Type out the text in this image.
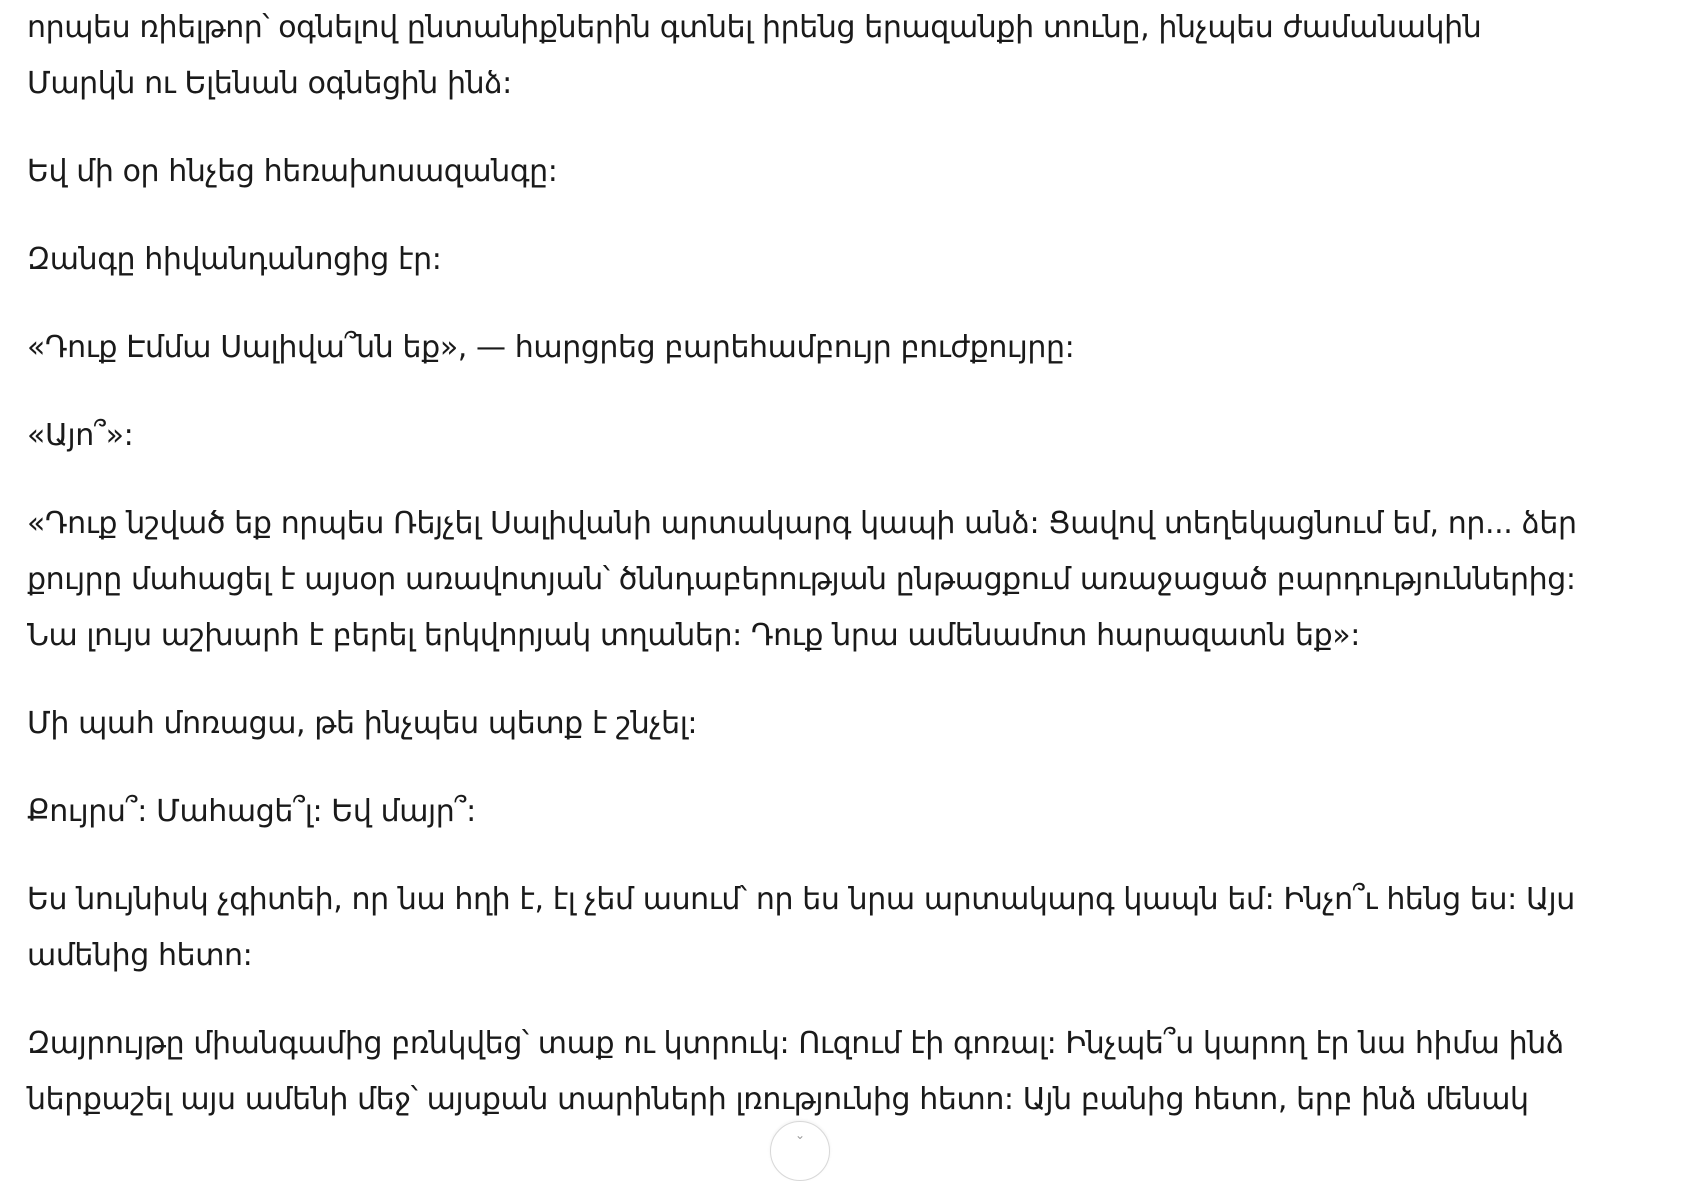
որպես ռիելթոր՝ օգնելով ընտանիքներին գտնել իրենց երազանքի տունը, ինչպես ժամանակին Մարկն ու Ելենան օգնեցին ինձ:

Եվ մի օր հնչեց հեռախոսազանգը:

Զանգը հիվանդանոցից էր:

«Դուք Էմմա Սալիվա՞նն եք», — հարցրեց բարեհամբույր բուժքույրը:

«Այո՞»:

«Դուք նշված եք որպես Ռեյչել Սալիվանի արտակարգ կապի անձ: Ցավով տեղեկացնում եմ, որ... ձեր քույրը մահացել է այսօր առավոտյան՝ ծննդաբերության ընթացքում առաջացած բարդություններից: Նա լույս աշխարհ է բերել երկվորյակ տղաներ: Դուք նրա ամենամոտ հարազատն եք»:

Մի պահ մոռացա, թե ինչպես պետք է շնչել:

Քույրս՞: Մահացե՞լ: Եվ մայր՞:

Ես նույնիսկ չգիտեի, որ նա հղի է, էլ չեմ ասում՝ որ ես նրա արտակարգ կապն եմ: Ինչո՞ւ հենց ես: Այս ամենից հետո:

Զայրույթը միանգամից բռնկվեց՝ տաք ու կտրուկ: Ուզում էի գոռալ: Ինչպե՞ս կարող էր նա հիմա ինձ ներքաշել այս ամենի մեջ՝ այսքան տարիների լռությունից հետո: Այն բանից հետո, երբ ինձ մենակ

⌄
